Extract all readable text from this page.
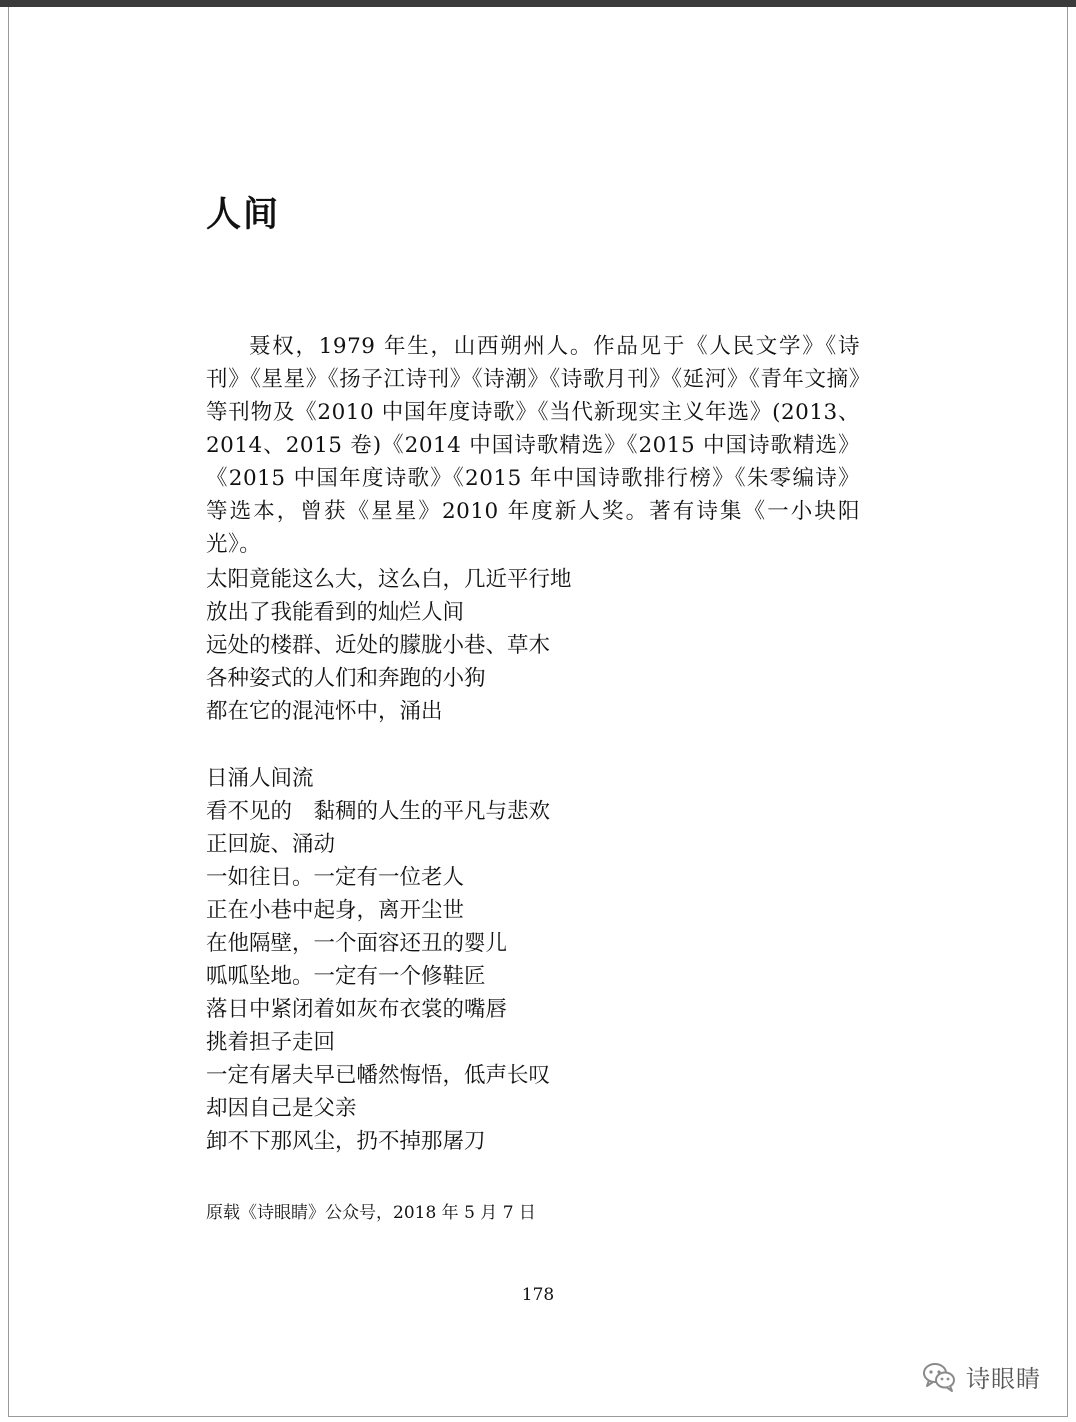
人间

聂权，1979 年生，山西朔州人。作品见于《人民文学》《诗刊》《星星》《扬子江诗刊》《诗潮》《诗歌月刊》《延河》《青年文摘》等刊物及《2010 中国年度诗歌》《当代新现实主义年选》(2013、2014、2015 卷)《2014 中国诗歌精选》《2015 中国诗歌精选》《2015 中国年度诗歌》《2015 年中国诗歌排行榜》《朱零编诗》 等选本，曾获《星星》2010 年度新人奖。著有诗集《一小块阳光》。

太阳竟能这么大，这么白，几近平行地
放出了我能看到的灿烂人间
远处的楼群、近处的朦胧小巷、草木
各种姿式的人们和奔跑的小狗
都在它的混沌怀中，涌出
日涌人间流
看不见的　黏稠的人生的平凡与悲欢
正回旋、涌动
一如往日。一定有一位老人
正在小巷中起身，离开尘世
在他隔壁，一个面容还丑的婴儿
呱呱坠地。一定有一个修鞋匠
落日中紧闭着如灰布衣裳的嘴唇
挑着担子走回
一定有屠夫早已幡然悔悟，低声长叹
却因自己是父亲
卸不下那风尘，扔不掉那屠刀

原载《诗眼睛》公众号，2018 年 5 月 7 日

178

诗眼睛
